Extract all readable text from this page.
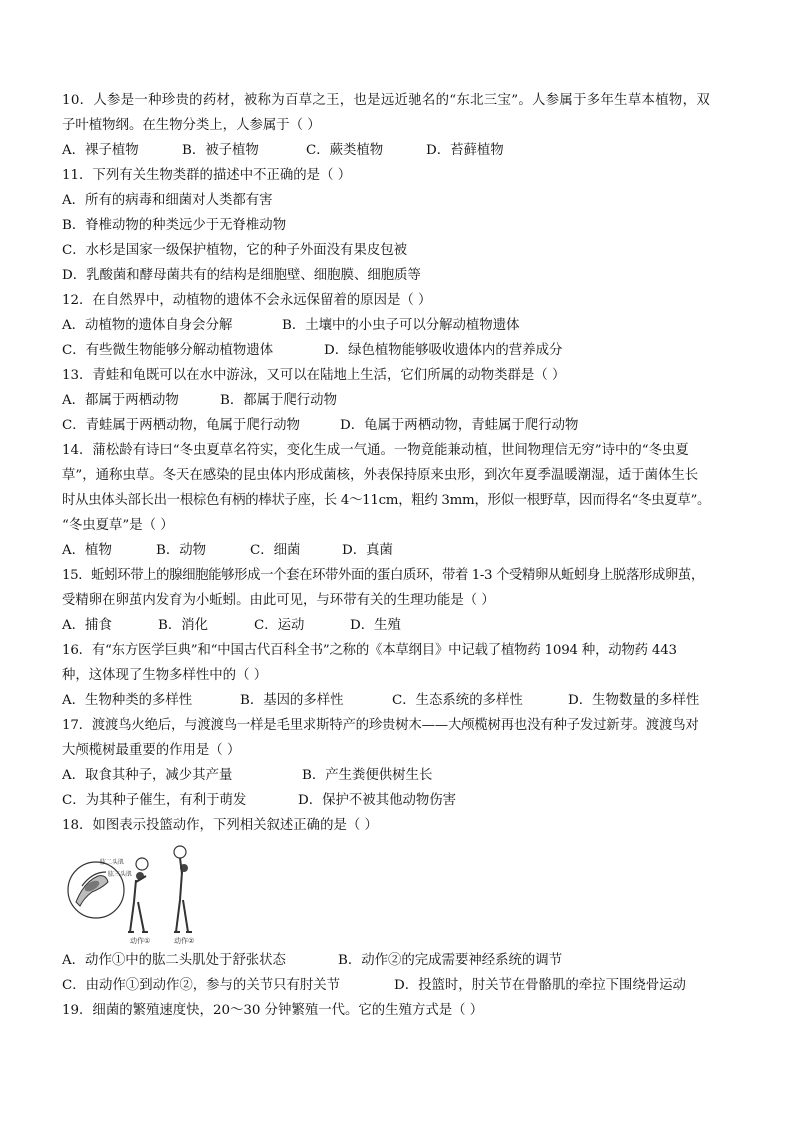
10．人参是一种珍贵的药材，被称为百草之王，也是远近驰名的“东北三宝”。人参属于多年生草本植物，双
子叶植物纲。在生物分类上，人参属于（ ）
A．裸子植物	B．被子植物	C．蕨类植物	D．苔藓植物
11．下列有关生物类群的描述中不正确的是（ ）
A．所有的病毒和细菌对人类都有害
B．脊椎动物的种类远少于无脊椎动物
C．水杉是国家一级保护植物，它的种子外面没有果皮包被
D．乳酸菌和酵母菌共有的结构是细胞壁、细胞膜、细胞质等
12．在自然界中，动植物的遗体不会永远保留着的原因是（ ）
A．动植物的遗体自身会分解	B．土壤中的小虫子可以分解动植物遗体
C．有些微生物能够分解动植物遗体	D．绿色植物能够吸收遗体内的营养成分
13．青蛙和龟既可以在水中游泳，又可以在陆地上生活，它们所属的动物类群是（ ）
A．都属于两栖动物	B．都属于爬行动物
C．青蛙属于两栖动物，龟属于爬行动物	D．龟属于两栖动物，青蛙属于爬行动物
14．蒲松龄有诗曰“冬虫夏草名符实，变化生成一气通。一物竟能兼动植，世间物理信无穷”诗中的“冬虫夏
草”，通称虫草。冬天在感染的昆虫体内形成菌核，外表保持原来虫形，到次年夏季温暖潮湿，适于菌体生长
时从虫体头部长出一根棕色有柄的棒状子座，长 4～11cm，粗约 3mm，形似一根野草，因而得名“冬虫夏草”。
“冬虫夏草”是（ ）
A．植物	B．动物	C．细菌	D．真菌
15．蚯蚓环带上的腺细胞能够形成一个套在环带外面的蛋白质环，带着 1-3 个受精卵从蚯蚓身上脱落形成卵茧，
受精卵在卵茧内发育为小蚯蚓。由此可见，与环带有关的生理功能是（ ）
A．捕食	B．消化	C．运动	D．生殖
16．有“东方医学巨典”和“中国古代百科全书”之称的《本草纲目》中记载了植物药 1094 种，动物药 443
种，这体现了生物多样性中的（ ）
A．生物种类的多样性	B．基因的多样性	C．生态系统的多样性	D．生物数量的多样性
17．渡渡鸟火绝后，与渡渡鸟一样是毛里求斯特产的珍贵树木——大颅榄树再也没有种子发过新芽。渡渡鸟对
大颅榄树最重要的作用是（ ）
A．取食其种子，减少其产量	B．产生粪便供树生长
C．为其种子催生，有利于萌发	D．保护不被其他动物伤害
18．如图表示投篮动作，下列相关叙述正确的是（ ）
肱二头肌
肱三头肌
动作①	动作②
A．动作①中的肱二头肌处于舒张状态	B．动作②的完成需要神经系统的调节
C．由动作①到动作②，参与的关节只有肘关节	D．投篮时，肘关节在骨骼肌的牵拉下围绕骨运动
19．细菌的繁殖速度快，20～30 分钟繁殖一代。它的生殖方式是（ ）
